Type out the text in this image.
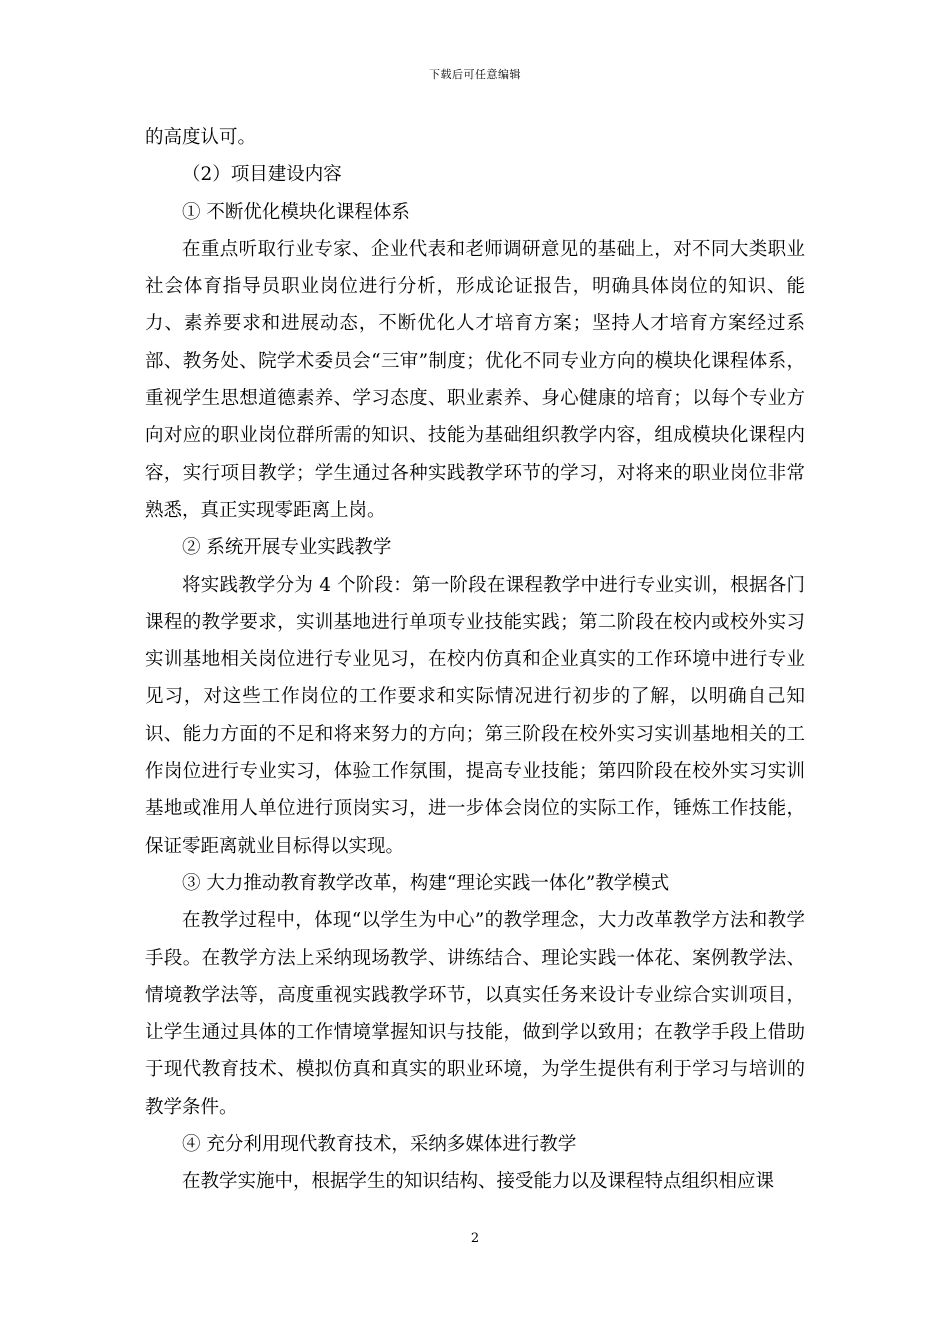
下载后可任意编辑

的高度认可。

（2）项目建设内容

① 不断优化模块化课程体系

在重点听取行业专家、企业代表和老师调研意见的基础上，对不同大类职业社会体育指导员职业岗位进行分析，形成论证报告，明确具体岗位的知识、能力、素养要求和进展动态，不断优化人才培育方案；坚持人才培育方案经过系部、教务处、院学术委员会“三审”制度；优化不同专业方向的模块化课程体系，重视学生思想道德素养、学习态度、职业素养、身心健康的培育；以每个专业方向对应的职业岗位群所需的知识、技能为基础组织教学内容，组成模块化课程内容，实行项目教学；学生通过各种实践教学环节的学习，对将来的职业岗位非常熟悉，真正实现零距离上岗。

② 系统开展专业实践教学

将实践教学分为 4 个阶段：第一阶段在课程教学中进行专业实训，根据各门课程的教学要求，实训基地进行单项专业技能实践；第二阶段在校内或校外实习实训基地相关岗位进行专业见习，在校内仿真和企业真实的工作环境中进行专业见习，对这些工作岗位的工作要求和实际情况进行初步的了解，以明确自己知识、能力方面的不足和将来努力的方向；第三阶段在校外实习实训基地相关的工作岗位进行专业实习，体验工作氛围，提高专业技能；第四阶段在校外实习实训基地或准用人单位进行顶岗实习，进一步体会岗位的实际工作，锤炼工作技能，保证零距离就业目标得以实现。

③ 大力推动教育教学改革，构建“理论实践一体化”教学模式

在教学过程中，体现“以学生为中心”的教学理念，大力改革教学方法和教学手段。在教学方法上采纳现场教学、讲练结合、理论实践一体花、案例教学法、情境教学法等，高度重视实践教学环节，以真实任务来设计专业综合实训项目，让学生通过具体的工作情境掌握知识与技能，做到学以致用；在教学手段上借助于现代教育技术、模拟仿真和真实的职业环境，为学生提供有利于学习与培训的教学条件。

④ 充分利用现代教育技术，采纳多媒体进行教学

在教学实施中，根据学生的知识结构、接受能力以及课程特点组织相应课

2
